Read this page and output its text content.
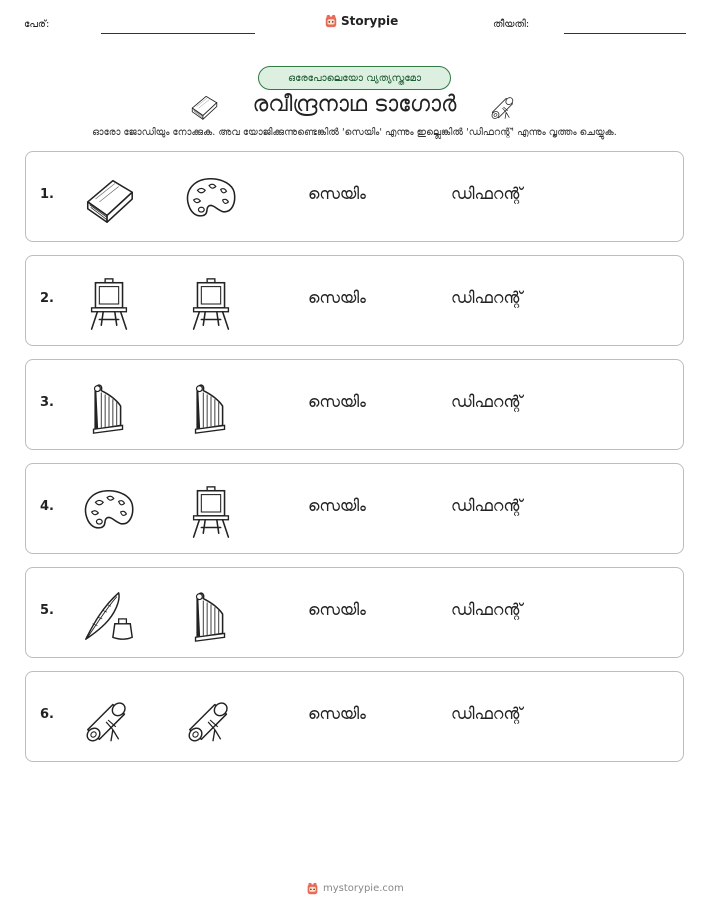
പേര്:	Storypie	തീയതി:
ഒരേപോലെയോ വ്യത്യസ്തമോ
രവീന്ദ്രനാഥ ടാഗോർ
ഓരോ ജോഡിയും നോക്കുക. അവ യോജിക്കുന്നുണ്ടെങ്കിൽ 'സെയിം' എന്നും ഇല്ലെങ്കിൽ 'ഡിഫറന്റ്' എന്നും വൃത്തം ചെയ്യുക.
1.	സെയിം	ഡിഫറന്റ്
2.	സെയിം	ഡിഫറന്റ്
3.	സെയിം	ഡിഫറന്റ്
4.	സെയിം	ഡിഫറന്റ്
5.	സെയിം	ഡിഫറന്റ്
6.	സെയിം	ഡിഫറന്റ്
mystorypie.com
